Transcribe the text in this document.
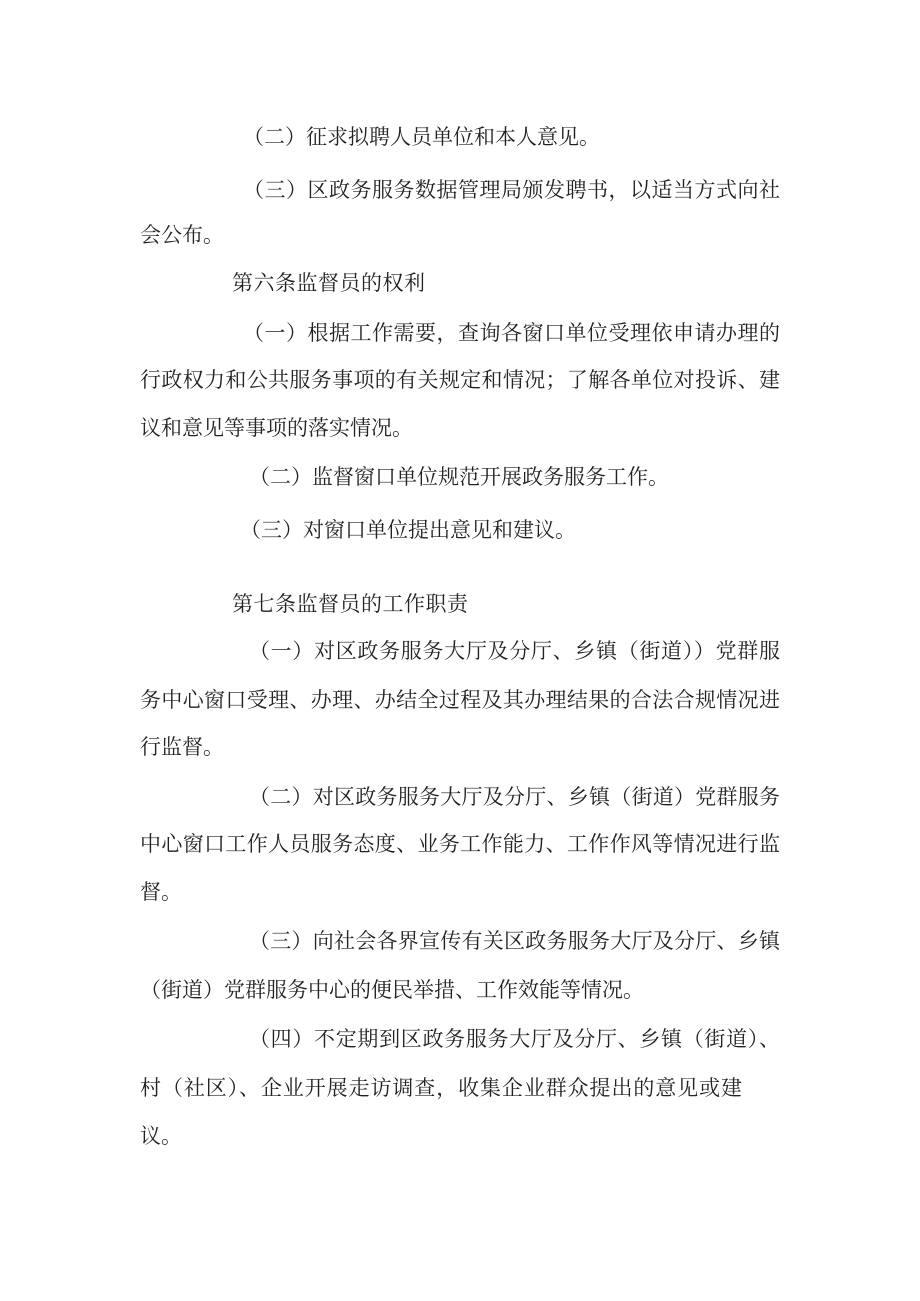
（二）征求拟聘人员单位和本人意见。

（三）区政务服务数据管理局颁发聘书，以适当方式向社

会公布。

第六条监督员的权利

（一）根据工作需要，查询各窗口单位受理依申请办理的

行政权力和公共服务事项的有关规定和情况；了解各单位对投诉、建

议和意见等事项的落实情况。

（二）监督窗口单位规范开展政务服务工作。

（三）对窗口单位提出意见和建议。

第七条监督员的工作职责

（一）对区政务服务大厅及分厅、乡镇（街道））党群服

务中心窗口受理、办理、办结全过程及其办理结果的合法合规情况进

行监督。

（二）对区政务服务大厅及分厅、乡镇（街道）党群服务

中心窗口工作人员服务态度、业务工作能力、工作作风等情况进行监

督。

（三）向社会各界宣传有关区政务服务大厅及分厅、乡镇

（街道）党群服务中心的便民举措、工作效能等情况。

（四）不定期到区政务服务大厅及分厅、乡镇（街道）、

村（社区）、企业开展走访调查，收集企业群众提出的意见或建

议。
